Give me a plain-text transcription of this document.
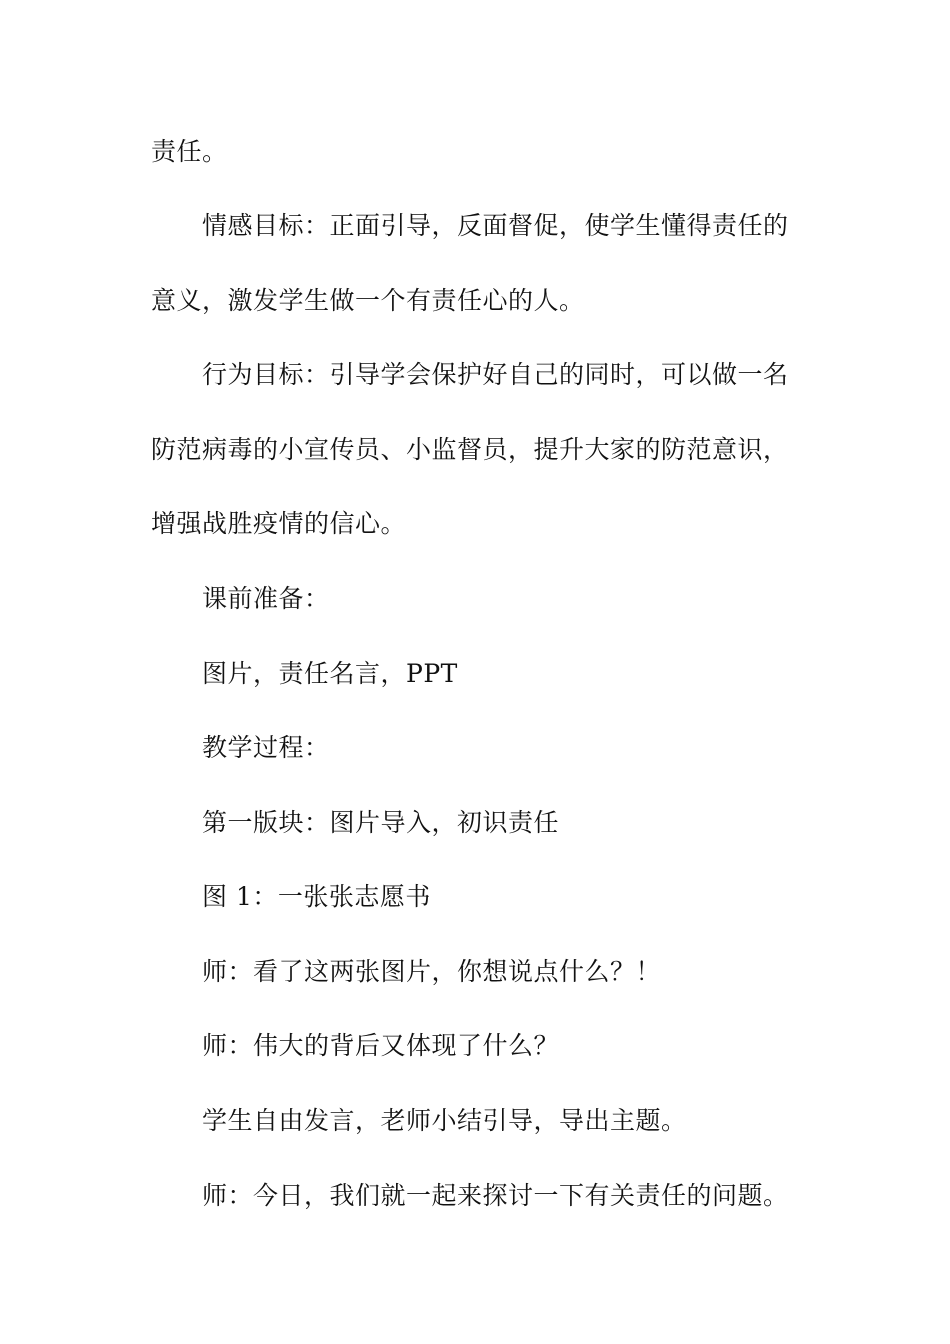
责任。
情感目标：正面引导，反面督促，使学生懂得责任的
意义，激发学生做一个有责任心的人。
行为目标：引导学会保护好自己的同时，可以做一名
防范病毒的小宣传员、小监督员，提升大家的防范意识，
增强战胜疫情的信心。
课前准备：
图片，责任名言，PPT
教学过程：
第一版块：图片导入，初识责任
图 1：一张张志愿书
师：看了这两张图片，你想说点什么？！
师：伟大的背后又体现了什么？
学生自由发言，老师小结引导，导出主题。
师：今日，我们就一起来探讨一下有关责任的问题。
